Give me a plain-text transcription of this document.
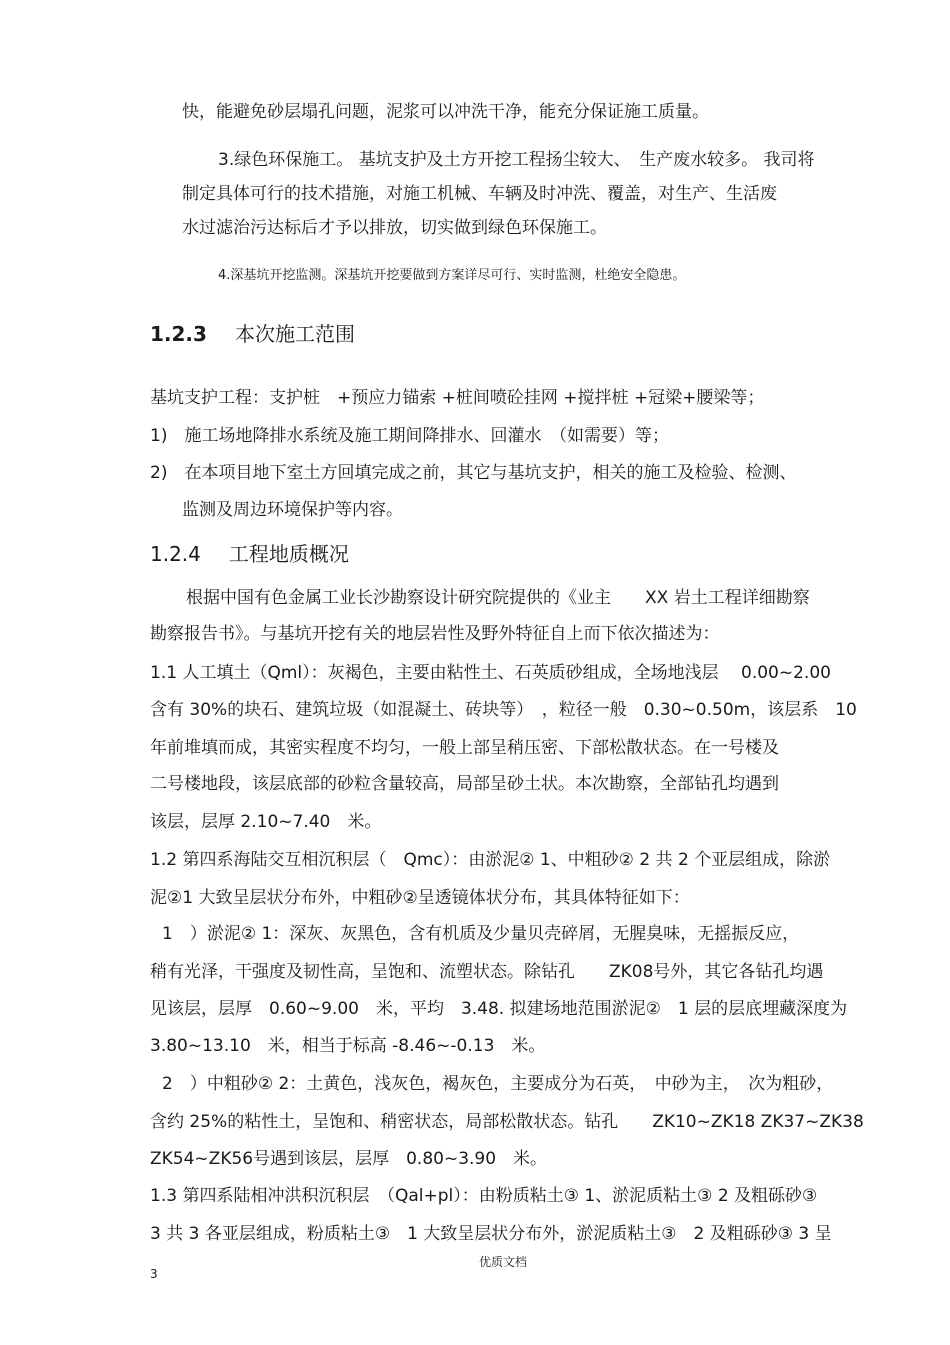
快，能避免砂层塌孔问题，泥浆可以冲洗干净，能充分保证施工质量。
3.绿色环保施工。 基坑支护及土方开挖工程扬尘较大、　生产废水较多。 我司将
制定具体可行的技术措施，对施工机械、车辆及时冲洗、覆盖，对生产、生活废
水过滤治污达标后才予以排放，切实做到绿色环保施工。
4.深基坑开挖监测。深基坑开挖要做到方案详尽可行、实时监测，杜绝安全隐患。
1.2.3 本次施工范围
基坑支护工程：支护桩　+预应力锚索 +桩间喷砼挂网 +搅拌桩 +冠梁+腰梁等；
1)　施工场地降排水系统及施工期间降排水、回灌水　（如需要）等；
2)　在本项目地下室土方回填完成之前，其它与基坑支护，相关的施工及检验、检测、
监测及周边环境保护等内容。
1.2.4 工程地质概况
根据中国有色金属工业长沙勘察设计研究院提供的《业主　　XX 岩土工程详细勘察
勘察报告书》。与基坑开挖有关的地层岩性及野外特征自上而下依次描述为：
1.1 人工填土（Qml）：灰褐色，主要由粘性土、石英质砂组成，全场地浅层　 0.00~2.00
含有 30%的块石、建筑垃圾（如混凝土、砖块等）　，粒径一般　0.30~0.50m，该层系　10
年前堆填而成，其密实程度不均匀，一般上部呈稍压密、下部松散状态。在一号楼及
二号楼地段，该层底部的砂粒含量较高，局部呈砂土状。本次勘察，全部钻孔均遇到
该层，层厚 2.10~7.40　米。
1.2 第四系海陆交互相沉积层（　Qmc）：由淤泥② 1、中粗砂② 2 共 2 个亚层组成，除淤
泥②1 大致呈层状分布外，中粗砂②呈透镜体状分布，其具体特征如下：
1　）淤泥② 1：深灰、灰黑色，含有机质及少量贝壳碎屑，无腥臭味，无摇振反应，
稍有光泽，干强度及韧性高，呈饱和、流塑状态。除钻孔　　ZK08号外，其它各钻孔均遇
见该层，层厚　0.60~9.00　米，平均　3.48. 拟建场地范围淤泥②　1 层的层底埋藏深度为
3.80~13.10　米，相当于标高 -8.46~-0.13　米。
2　）中粗砂② 2：土黄色，浅灰色，褐灰色，主要成分为石英，　中砂为主，　次为粗砂，
含约 25%的粘性土，呈饱和、稍密状态，局部松散状态。钻孔　　ZK10~ZK18 ZK37~ZK38
ZK54~ZK56号遇到该层，层厚　0.80~3.90　米。
1.3 第四系陆相冲洪积沉积层　（Qal+pl）：由粉质粘土③ 1、淤泥质粘土③ 2 及粗砾砂③
3 共 3 各亚层组成，粉质粘土③　1 大致呈层状分布外，淤泥质粘土③　2 及粗砾砂③ 3 呈
3
优质文档
